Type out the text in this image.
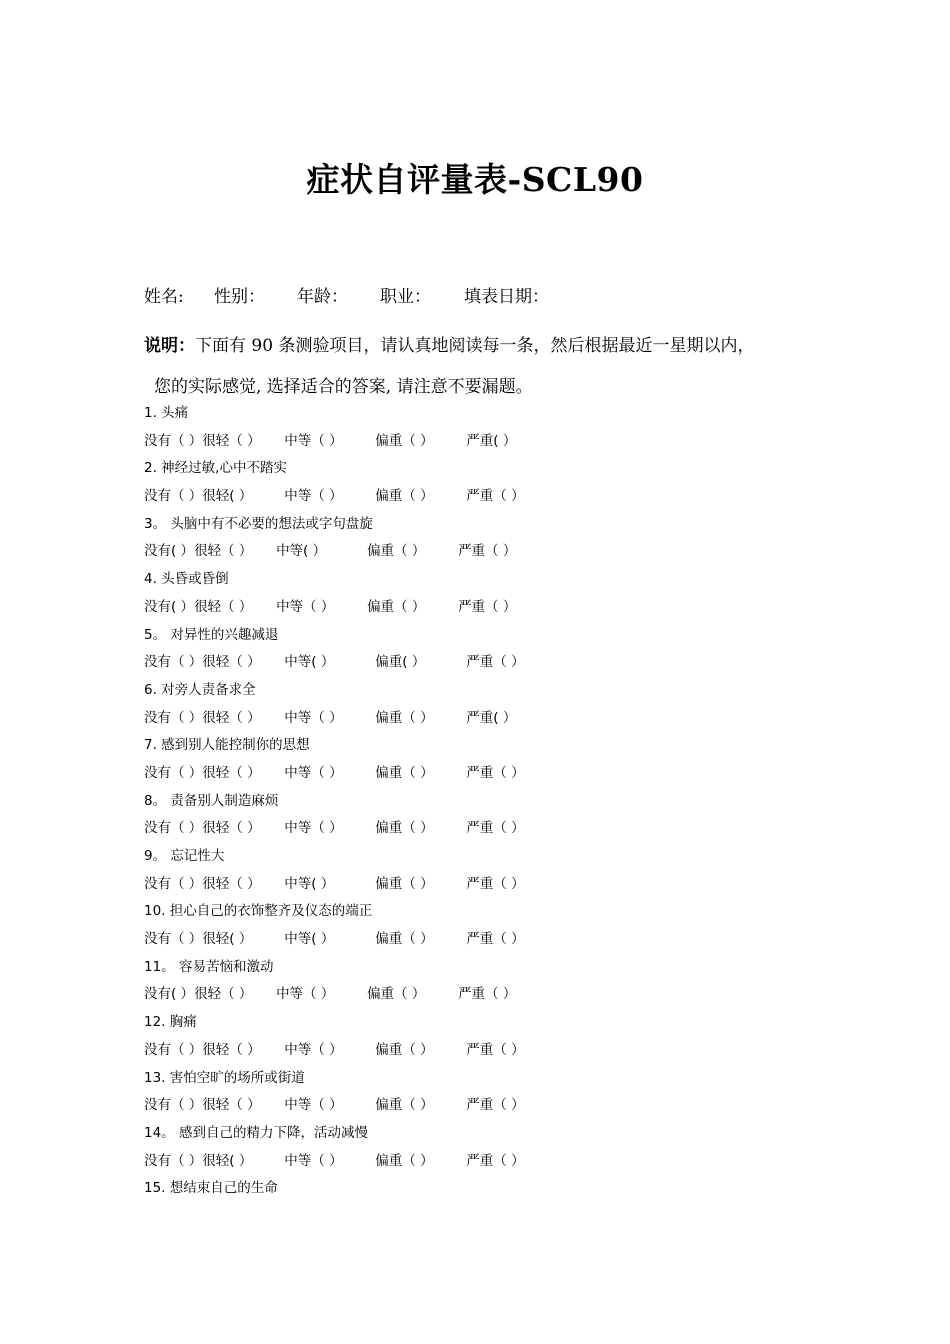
症状自评量表-SCL90
姓名: 性别： 年龄： 职业： 填表日期：
说明：下面有 90 条测验项目，请认真地阅读每一条，然后根据最近一星期以内，
您的实际感觉, 选择适合的答案, 请注意不要漏题。
1. 头痛
没有（ ） 很轻（ ）	中等（ ）	偏重（ ）	严重( ）
2. 神经过敏,心中不踏实
没有（ ） 很轻( ）	中等（ ）	偏重（ ）	严重（ ）
3。 头脑中有不必要的想法或字句盘旋
没有( ） 很轻（ ）	中等( ）	偏重（ ）	严重（ ）
4. 头昏或昏倒
没有( ） 很轻（ ）	中等（ ）	偏重（ ）	严重（ ）
5。 对异性的兴趣减退
没有（ ） 很轻（ ）	中等( ）	偏重( ）	严重（ ）
6. 对旁人责备求全
没有（ ） 很轻（ ）	中等（ ）	偏重（ ）	严重( ）
7. 感到别人能控制你的思想
没有（ ） 很轻（ ）	中等（ ）	偏重（ ）	严重（ ）
8。 责备别人制造麻烦
没有（ ） 很轻（ ）	中等（ ）	偏重（ ）	严重（ ）
9。 忘记性大
没有（ ） 很轻（ ）	中等( ）	偏重（ ）	严重（ ）
10. 担心自己的衣饰整齐及仪态的端正
没有（ ） 很轻( ）	中等( ）	偏重（ ）	严重（ ）
11。 容易苦恼和激动
没有( ） 很轻（ ）	中等（ ）	偏重（ ）	严重（ ）
12. 胸痛
没有（ ） 很轻（ ）	中等（ ）	偏重（ ）	严重（ ）
13. 害怕空旷的场所或街道
没有（ ） 很轻（ ）	中等（ ）	偏重（ ）	严重（ ）
14。 感到自己的精力下降，活动减慢
没有（ ） 很轻( ）	中等（ ）	偏重（ ）	严重（ ）
15. 想结束自己的生命
